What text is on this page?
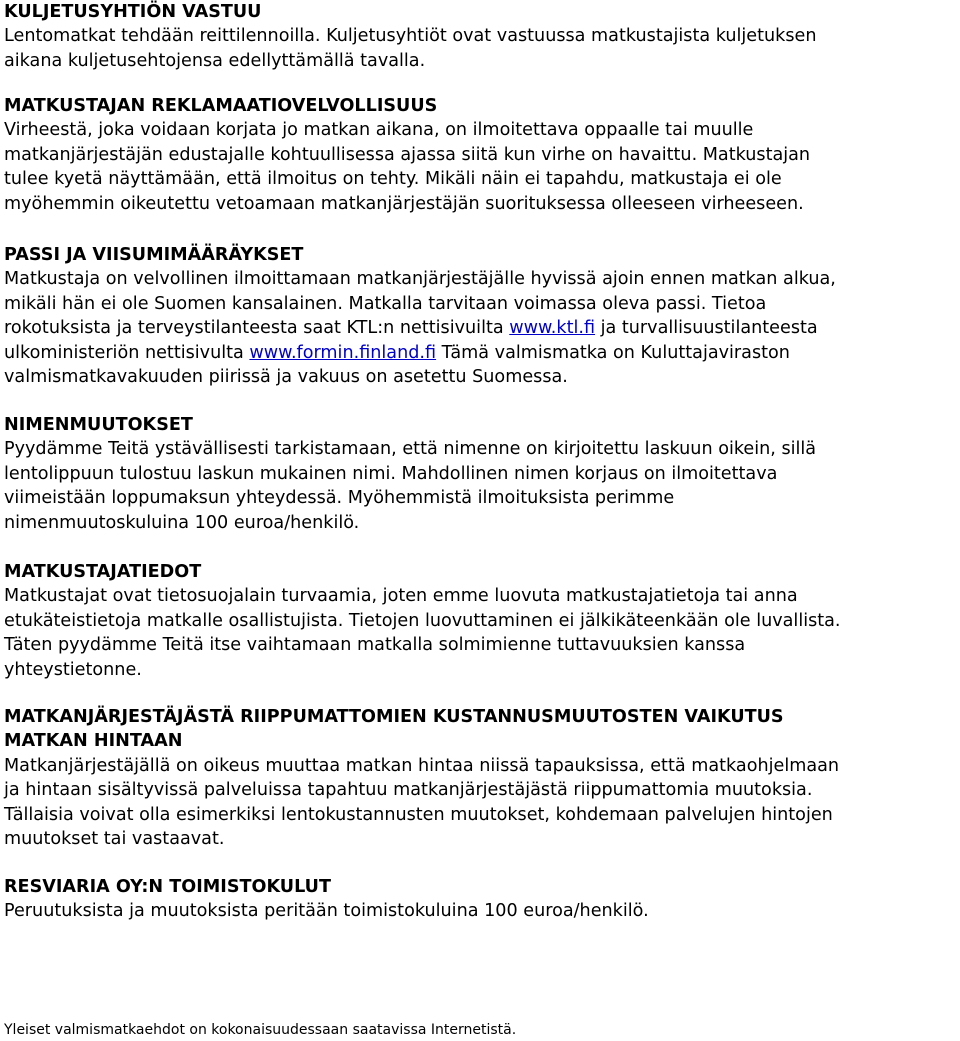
KULJETUSYHTIÖN VASTUU
Lentomatkat tehdään reittilennoilla. Kuljetusyhtiöt ovat vastuussa matkustajista kuljetuksen
aikana kuljetusehtojensa edellyttämällä tavalla.
MATKUSTAJAN REKLAMAATIOVELVOLLISUUS
Virheestä, joka voidaan korjata jo matkan aikana, on ilmoitettava oppaalle tai muulle
matkanjärjestäjän edustajalle kohtuullisessa ajassa siitä kun virhe on havaittu. Matkustajan
tulee kyetä näyttämään, että ilmoitus on tehty. Mikäli näin ei tapahdu, matkustaja ei ole
myöhemmin oikeutettu vetoamaan matkanjärjestäjän suorituksessa olleeseen virheeseen.
PASSI JA VIISUMIMÄÄRÄYKSET
Matkustaja on velvollinen ilmoittamaan matkanjärjestäjälle hyvissä ajoin ennen matkan alkua,
mikäli hän ei ole Suomen kansalainen. Matkalla tarvitaan voimassa oleva passi. Tietoa
rokotuksista ja terveystilanteesta saat KTL:n nettisivuilta www.ktl.fi ja turvallisuustilanteesta
ulkoministeriön nettisivulta www.formin.finland.fi Tämä valmismatka on Kuluttajaviraston
valmismatkavakuuden piirissä ja vakuus on asetettu Suomessa.
NIMENMUUTOKSET
Pyydämme Teitä ystävällisesti tarkistamaan, että nimenne on kirjoitettu laskuun oikein, sillä
lentolippuun tulostuu laskun mukainen nimi. Mahdollinen nimen korjaus on ilmoitettava
viimeistään loppumaksun yhteydessä. Myöhemmistä ilmoituksista perimme
nimenmuutoskuluina 100 euroa/henkilö.
MATKUSTAJATIEDOT
Matkustajat ovat tietosuojalain turvaamia, joten emme luovuta matkustajatietoja tai anna
etukäteistietoja matkalle osallistujista. Tietojen luovuttaminen ei jälkikäteenkään ole luvallista.
Täten pyydämme Teitä itse vaihtamaan matkalla solmimienne tuttavuuksien kanssa
yhteystietonne.
MATKANJÄRJESTÄJÄSTÄ RIIPPUMATTOMIEN KUSTANNUSMUUTOSTEN VAIKUTUS
MATKAN HINTAAN
Matkanjärjestäjällä on oikeus muuttaa matkan hintaa niissä tapauksissa, että matkaohjelmaan
ja hintaan sisältyvissä palveluissa tapahtuu matkanjärjestäjästä riippumattomia muutoksia.
Tällaisia voivat olla esimerkiksi lentokustannusten muutokset, kohdemaan palvelujen hintojen
muutokset tai vastaavat.
RESVIARIA OY:N TOIMISTOKULUT
Peruutuksista ja muutoksista peritään toimistokuluina 100 euroa/henkilö.
Yleiset valmismatkaehdot on kokonaisuudessaan saatavissa Internetistä.
